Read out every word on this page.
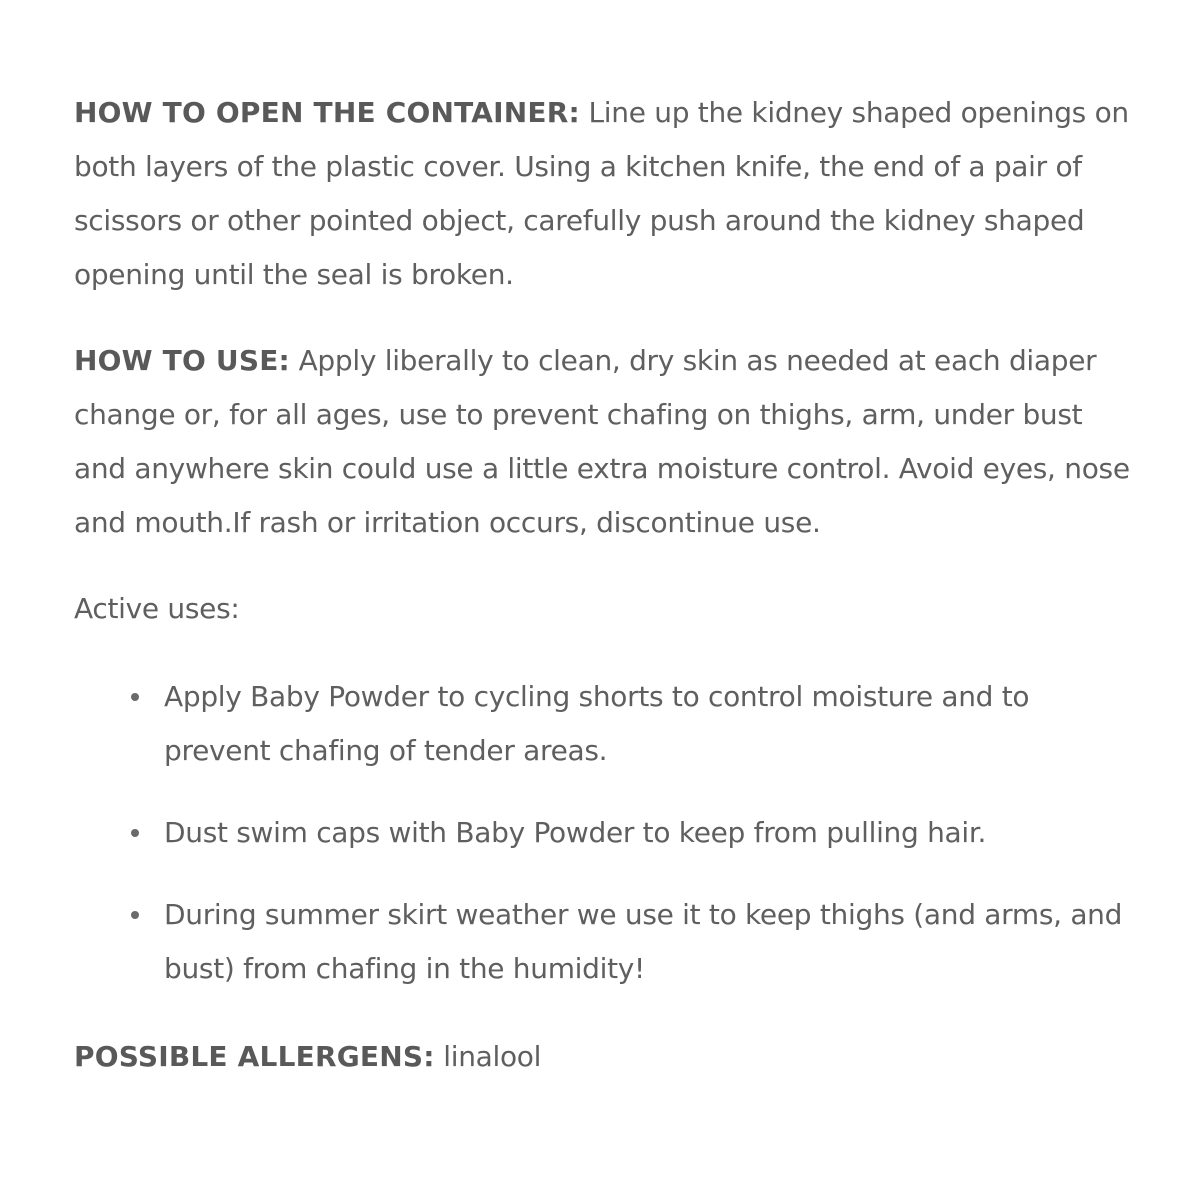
HOW TO OPEN THE CONTAINER: Line up the kidney shaped openings on both layers of the plastic cover. Using a kitchen knife, the end of a pair of scissors or other pointed object, carefully push around the kidney shaped opening until the seal is broken.

HOW TO USE: Apply liberally to clean, dry skin as needed at each diaper change or, for all ages, use to prevent chafing on thighs, arm, under bust and anywhere skin could use a little extra moisture control. Avoid eyes, nose and mouth.If rash or irritation occurs, discontinue use.

Active uses:

Apply Baby Powder to cycling shorts to control moisture and to prevent chafing of tender areas.
Dust swim caps with Baby Powder to keep from pulling hair.
During summer skirt weather we use it to keep thighs (and arms, and bust) from chafing in the humidity!

POSSIBLE ALLERGENS: linalool
